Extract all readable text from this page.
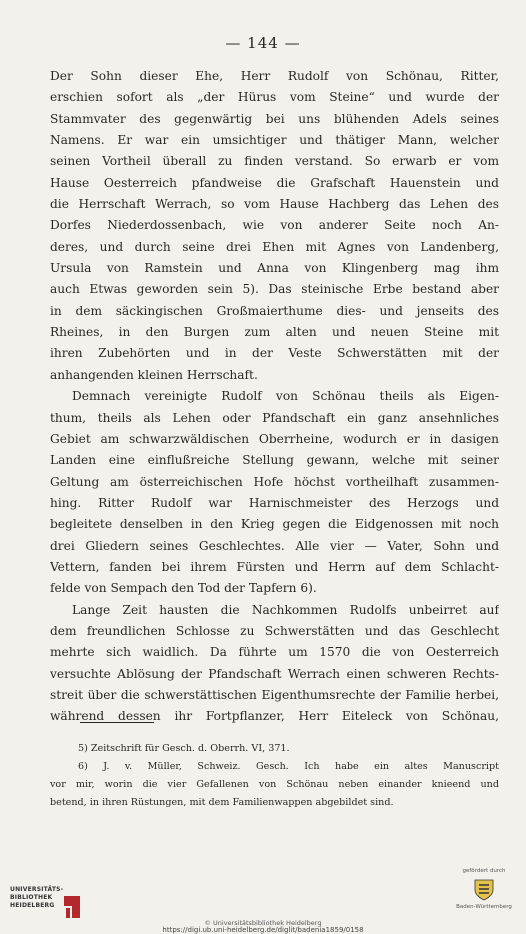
— 144 —
Der Sohn dieser Ehe, Herr Rudolf von Schönau, Ritter,
erschien sofort als „der Hürus vom Steine“ und wurde der
Stammvater des gegenwärtig bei uns blühenden Adels seines
Namens. Er war ein umsichtiger und thätiger Mann, welcher
seinen Vortheil überall zu finden verstand. So erwarb er vom
Hause Oesterreich pfandweise die Grafschaft Hauenstein und
die Herrschaft Werrach, so vom Hause Hachberg das Lehen des
Dorfes Niederdossenbach, wie von anderer Seite noch An-
deres, und durch seine drei Ehen mit Agnes von Landenberg,
Ursula von Ramstein und Anna von Klingenberg mag ihm
auch Etwas geworden sein 5). Das steinische Erbe bestand aber
in dem säckingischen Großmaierthume dies- und jenseits des
Rheines, in den Burgen zum alten und neuen Steine mit
ihren Zubehörten und in der Veste Schwerstätten mit der
anhangenden kleinen Herrschaft.
Demnach vereinigte Rudolf von Schönau theils als Eigen-
thum, theils als Lehen oder Pfandschaft ein ganz ansehnliches
Gebiet am schwarzwäldischen Oberrheine, wodurch er in dasigen
Landen eine einflußreiche Stellung gewann, welche mit seiner
Geltung am österreichischen Hofe höchst vortheilhaft zusammen-
hing. Ritter Rudolf war Harnischmeister des Herzogs und
begleitete denselben in den Krieg gegen die Eidgenossen mit noch
drei Gliedern seines Geschlechtes. Alle vier — Vater, Sohn und
Vettern, fanden bei ihrem Fürsten und Herrn auf dem Schlacht-
felde von Sempach den Tod der Tapfern 6).
Lange Zeit hausten die Nachkommen Rudolfs unbeirret auf
dem freundlichen Schlosse zu Schwerstätten und das Geschlecht
mehrte sich waidlich. Da führte um 1570 die von Oesterreich
versuchte Ablösung der Pfandschaft Werrach einen schweren Rechts-
streit über die schwerstättischen Eigenthumsrechte der Familie herbei,
während dessen ihr Fortpflanzer, Herr Eiteleck von Schönau,
5) Zeitschrift für Gesch. d. Oberrh. VI, 371.
6) J. v. Müller, Schweiz. Gesch. Ich habe ein altes Manuscript
vor mir, worin die vier Gefallenen von Schönau neben einander knieend und
betend, in ihren Rüstungen, mit dem Familienwappen abgebildet sind.
UNIVERSITÄTS-
BIBLIOTHEK
HEIDELBERG
© Universitätsbibliothek Heidelberg
https://digi.ub.uni-heidelberg.de/diglit/badenia1859/0158
gefördert durch
Baden-Württemberg
